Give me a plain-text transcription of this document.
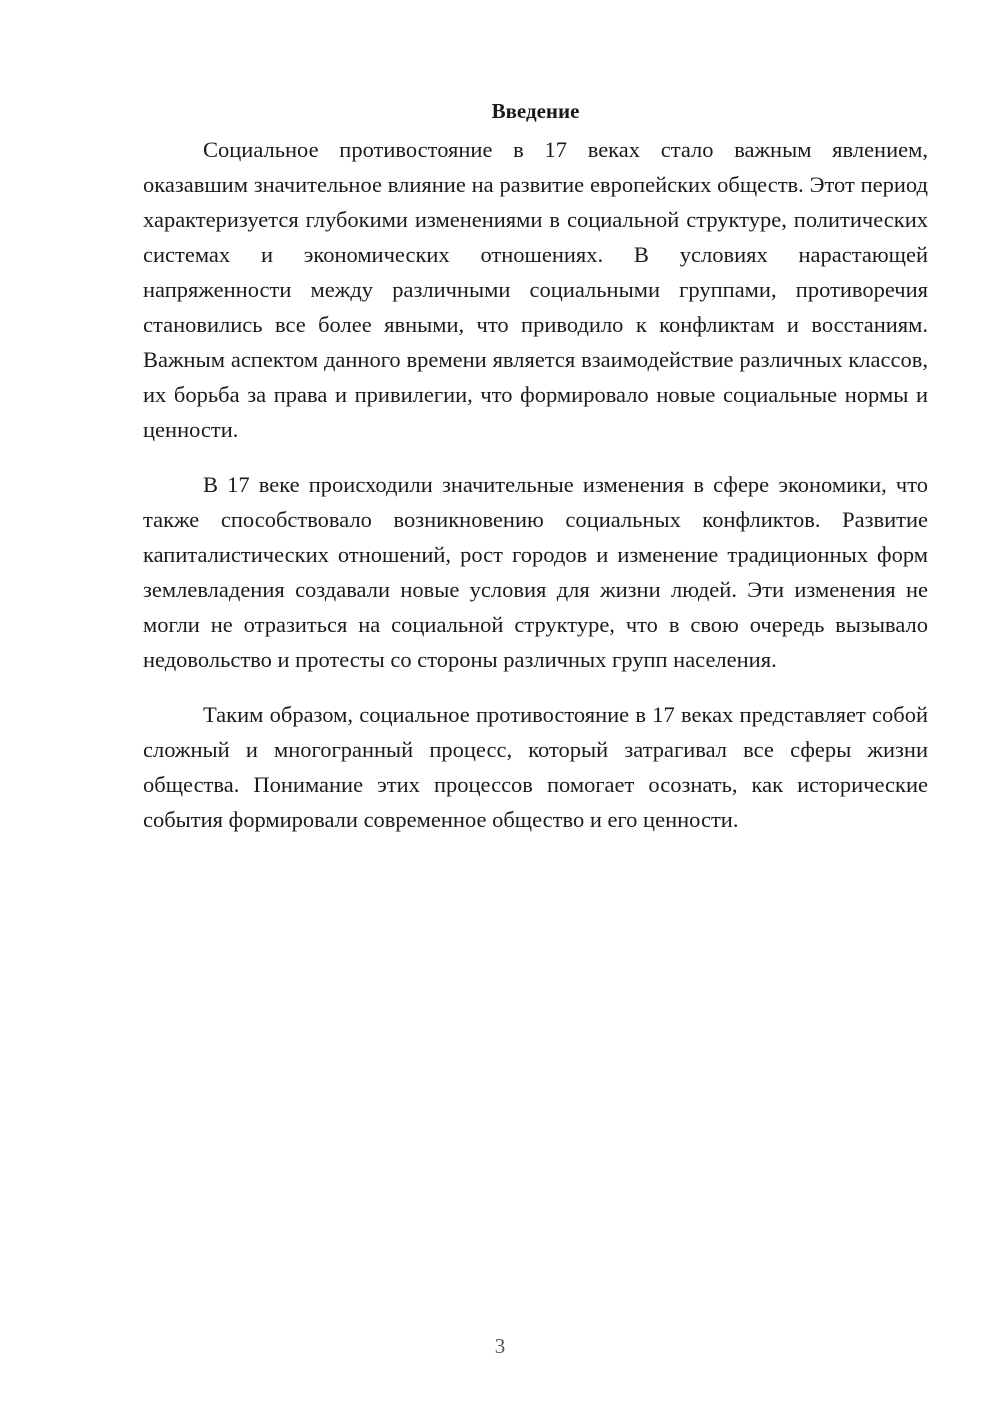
Введение

Социальное противостояние в 17 веках стало важным явлением, оказавшим значительное влияние на развитие европейских обществ. Этот период характеризуется глубокими изменениями в социальной структуре, политических системах и экономических отношениях. В условиях нарастающей напряженности между различными социальными группами, противоречия становились все более явными, что приводило к конфликтам и восстаниям. Важным аспектом данного времени является взаимодействие различных классов, их борьба за права и привилегии, что формировало новые социальные нормы и ценности.

В 17 веке происходили значительные изменения в сфере экономики, что также способствовало возникновению социальных конфликтов. Развитие капиталистических отношений, рост городов и изменение традиционных форм землевладения создавали новые условия для жизни людей. Эти изменения не могли не отразиться на социальной структуре, что в свою очередь вызывало недовольство и протесты со стороны различных групп населения.

Таким образом, социальное противостояние в 17 веках представляет собой сложный и многогранный процесс, который затрагивал все сферы жизни общества. Понимание этих процессов помогает осознать, как исторические события формировали современное общество и его ценности.

3
